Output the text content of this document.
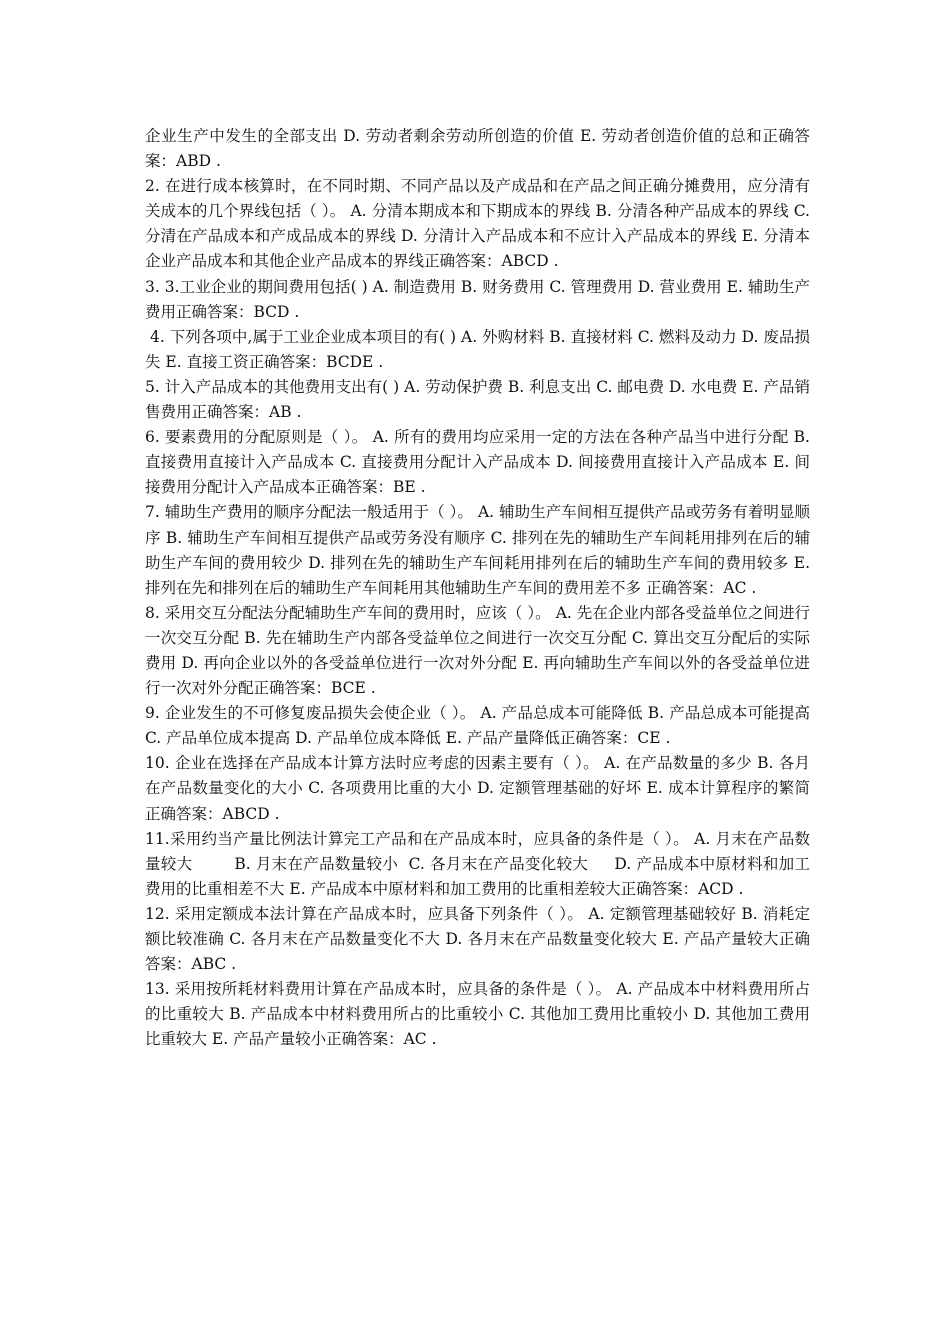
企业生产中发生的全部支出 D. 劳动者剩余劳动所创造的价值 E. 劳动者创造价值的总和正确答案：ABD .

2. 在进行成本核算时，在不同时期、不同产品以及产成品和在产品之间正确分摊费用，应分清有关成本的几个界线包括（ ）。 A. 分清本期成本和下期成本的界线 B. 分清各种产品成本的界线 C. 分清在产品成本和产成品成本的界线 D. 分清计入产品成本和不应计入产品成本的界线 E. 分清本企业产品成本和其他企业产品成本的界线正确答案：ABCD .

3. 3.工业企业的期间费用包括( ) A. 制造费用 B. 财务费用 C. 管理费用 D. 营业费用 E. 辅助生产费用正确答案：BCD .

4. 下列各项中,属于工业企业成本项目的有( ) A. 外购材料 B. 直接材料 C. 燃料及动力 D. 废品损失 E. 直接工资正确答案：BCDE .

5. 计入产品成本的其他费用支出有( ) A. 劳动保护费 B. 利息支出 C. 邮电费 D. 水电费 E. 产品销售费用正确答案：AB .

6. 要素费用的分配原则是（ ）。 A. 所有的费用均应采用一定的方法在各种产品当中进行分配 B. 直接费用直接计入产品成本 C. 直接费用分配计入产品成本 D. 间接费用直接计入产品成本 E. 间接费用分配计入产品成本正确答案：BE .

7. 辅助生产费用的顺序分配法一般适用于（ ）。 A. 辅助生产车间相互提供产品或劳务有着明显顺序 B. 辅助生产车间相互提供产品或劳务没有顺序 C. 排列在先的辅助生产车间耗用排列在后的辅助生产车间的费用较少 D. 排列在先的辅助生产车间耗用排列在后的辅助生产车间的费用较多 E. 排列在先和排列在后的辅助生产车间耗用其他辅助生产车间的费用差不多 正确答案：AC .

8. 采用交互分配法分配辅助生产车间的费用时，应该（ ）。 A. 先在企业内部各受益单位之间进行一次交互分配 B. 先在辅助生产内部各受益单位之间进行一次交互分配 C. 算出交互分配后的实际费用 D. 再向企业以外的各受益单位进行一次对外分配 E. 再向辅助生产车间以外的各受益单位进行一次对外分配正确答案：BCE .

9. 企业发生的不可修复废品损失会使企业（ ）。 A. 产品总成本可能降低 B. 产品总成本可能提高 C. 产品单位成本提高 D. 产品单位成本降低 E. 产品产量降低正确答案：CE .

10. 企业在选择在产品成本计算方法时应考虑的因素主要有（ ）。 A. 在产品数量的多少 B. 各月在产品数量变化的大小 C. 各项费用比重的大小 D. 定额管理基础的好坏 E. 成本计算程序的繁简 正确答案：ABCD .

11.采用约当产量比例法计算完工产品和在产品成本时，应具备的条件是（ ）。 A. 月末在产品数量较大        B. 月末在产品数量较小  C. 各月末在产品变化较大     D. 产品成本中原材料和加工费用的比重相差不大 E. 产品成本中原材料和加工费用的比重相差较大正确答案：ACD .

12. 采用定额成本法计算在产品成本时，应具备下列条件（ ）。 A. 定额管理基础较好 B. 消耗定额比较准确 C. 各月末在产品数量变化不大 D. 各月末在产品数量变化较大 E. 产品产量较大正确答案：ABC .

13. 采用按所耗材料费用计算在产品成本时，应具备的条件是（ ）。 A. 产品成本中材料费用所占的比重较大 B. 产品成本中材料费用所占的比重较小 C. 其他加工费用比重较小 D. 其他加工费用比重较大 E. 产品产量较小正确答案：AC .
